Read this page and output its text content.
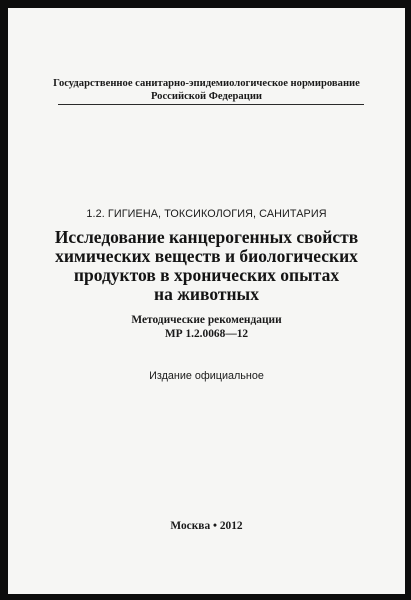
Государственное санитарно-эпидемиологическое нормирование
Российской Федерации
1.2. ГИГИЕНА, ТОКСИКОЛОГИЯ, САНИТАРИЯ
Исследование канцерогенных свойств
химических веществ и биологических
продуктов в хронических опытах
на животных
Методические рекомендации
МР 1.2.0068—12
Издание официальное
Москва • 2012
